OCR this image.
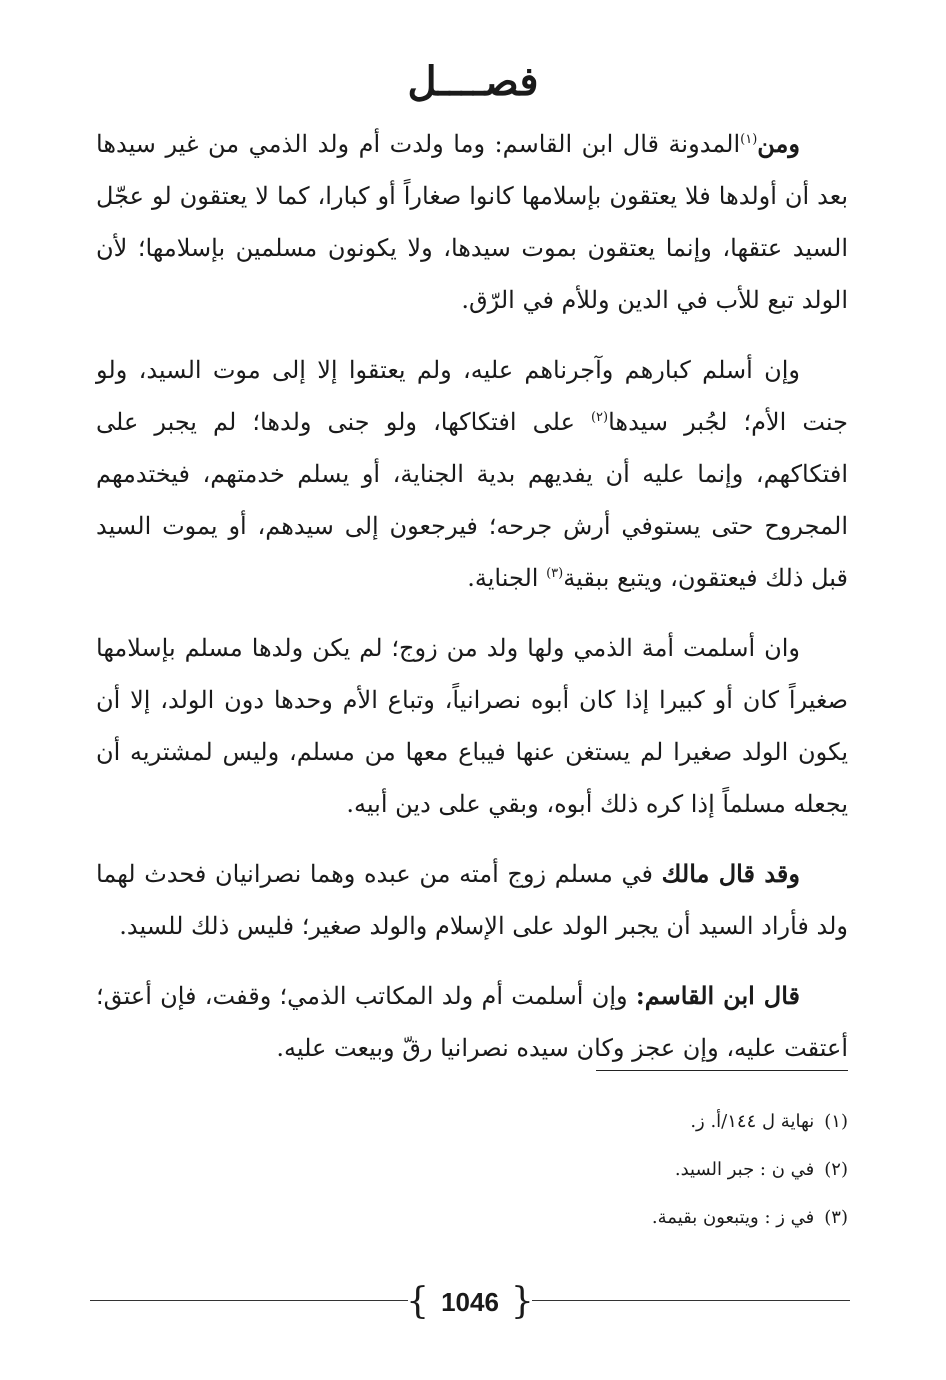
فصــــل

ومن$^{(١)}$المدونة قال ابن القاسم: وما ولدت أم ولد الذمي من غير سيدها بعد أن أولدها فلا يعتقون بإسلامها كانوا صغاراً أو كبارا، كما لا يعتقون لو عجّل السيد عتقها، وإنما يعتقون بموت سيدها، ولا يكونون مسلمين بإسلامها؛ لأن الولد تبع للأب في الدين وللأم في الرّق.

وإن أسلم كبارهم وآجرناهم عليه، ولم يعتقوا إلا إلى موت السيد، ولو جنت الأم؛ لجُبر سيدها$^{(٢)}$ على افتكاكها، ولو جنى ولدها؛ لم يجبر على افتكاكهم، وإنما عليه أن يفديهم بدية الجناية، أو يسلم خدمتهم، فيختدمهم المجروح حتى يستوفي أرش جرحه؛ فيرجعون إلى سيدهم، أو يموت السيد قبل ذلك فيعتقون، ويتبع ببقية$^{(٣)}$ الجناية.

وان أسلمت أمة الذمي ولها ولد من زوج؛ لم يكن ولدها مسلم بإسلامها صغيراً كان أو كبيرا إذا كان أبوه نصرانياً، وتباع الأم وحدها دون الولد، إلا أن يكون الولد صغيرا لم يستغن عنها فيباع معها من مسلم، وليس لمشتريه أن يجعله مسلماً إذا كره ذلك أبوه، وبقي على دين أبيه.

وقد قال مالك في مسلم زوج أمته من عبده وهما نصرانيان فحدث لهما ولد فأراد السيد أن يجبر الولد على الإسلام والولد صغير؛ فليس ذلك للسيد.

قال ابن القاسم: وإن أسلمت أم ولد المكاتب الذمي؛ وقفت، فإن أعتق؛ أعتقت عليه، وإن عجز وكان سيده نصرانيا رقّ وبيعت عليه.

(١)نهاية ل ١٤٤/أ. ز.

(٢)في ن : جبر السيد.

(٣)في ز : ويتبعون بقيمة.

{ 1046 }
